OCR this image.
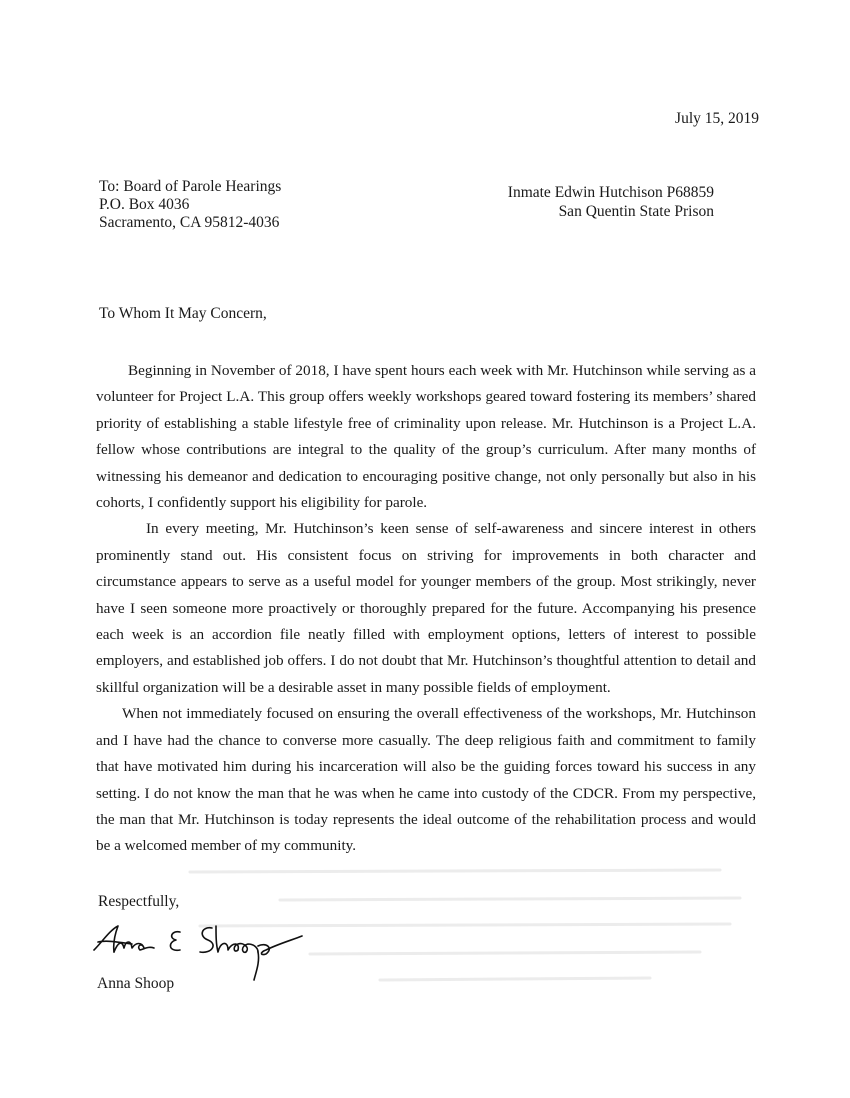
July 15, 2019
To: Board of Parole Hearings
P.O. Box 4036
Sacramento, CA 95812-4036
Inmate Edwin Hutchison P68859
San Quentin State Prison
To Whom It May Concern,

Beginning in November of 2018, I have spent hours each week with Mr. Hutchinson while serving as a volunteer for Project L.A. This group offers weekly workshops geared toward fostering its members’ shared priority of establishing a stable lifestyle free of criminality upon release. Mr. Hutchinson is a Project L.A. fellow whose contributions are integral to the quality of the group’s curriculum. After many months of witnessing his demeanor and dedication to encouraging positive change, not only personally but also in his cohorts, I confidently support his eligibility for parole.

In every meeting, Mr. Hutchinson’s keen sense of self-awareness and sincere interest in others prominently stand out. His consistent focus on striving for improvements in both character and circumstance appears to serve as a useful model for younger members of the group. Most strikingly, never have I seen someone more proactively or thoroughly prepared for the future. Accompanying his presence each week is an accordion file neatly filled with employment options, letters of interest to possible employers, and established job offers. I do not doubt that Mr. Hutchinson’s thoughtful attention to detail and skillful organization will be a desirable asset in many possible fields of employment.

When not immediately focused on ensuring the overall effectiveness of the workshops, Mr. Hutchinson and I have had the chance to converse more casually. The deep religious faith and commitment to family that have motivated him during his incarceration will also be the guiding forces toward his success in any setting. I do not know the man that he was when he came into custody of the CDCR. From my perspective, the man that Mr. Hutchinson is today represents the ideal outcome of the rehabilitation process and would be a welcomed member of my community.

Respectfully,
Anna Shoop
